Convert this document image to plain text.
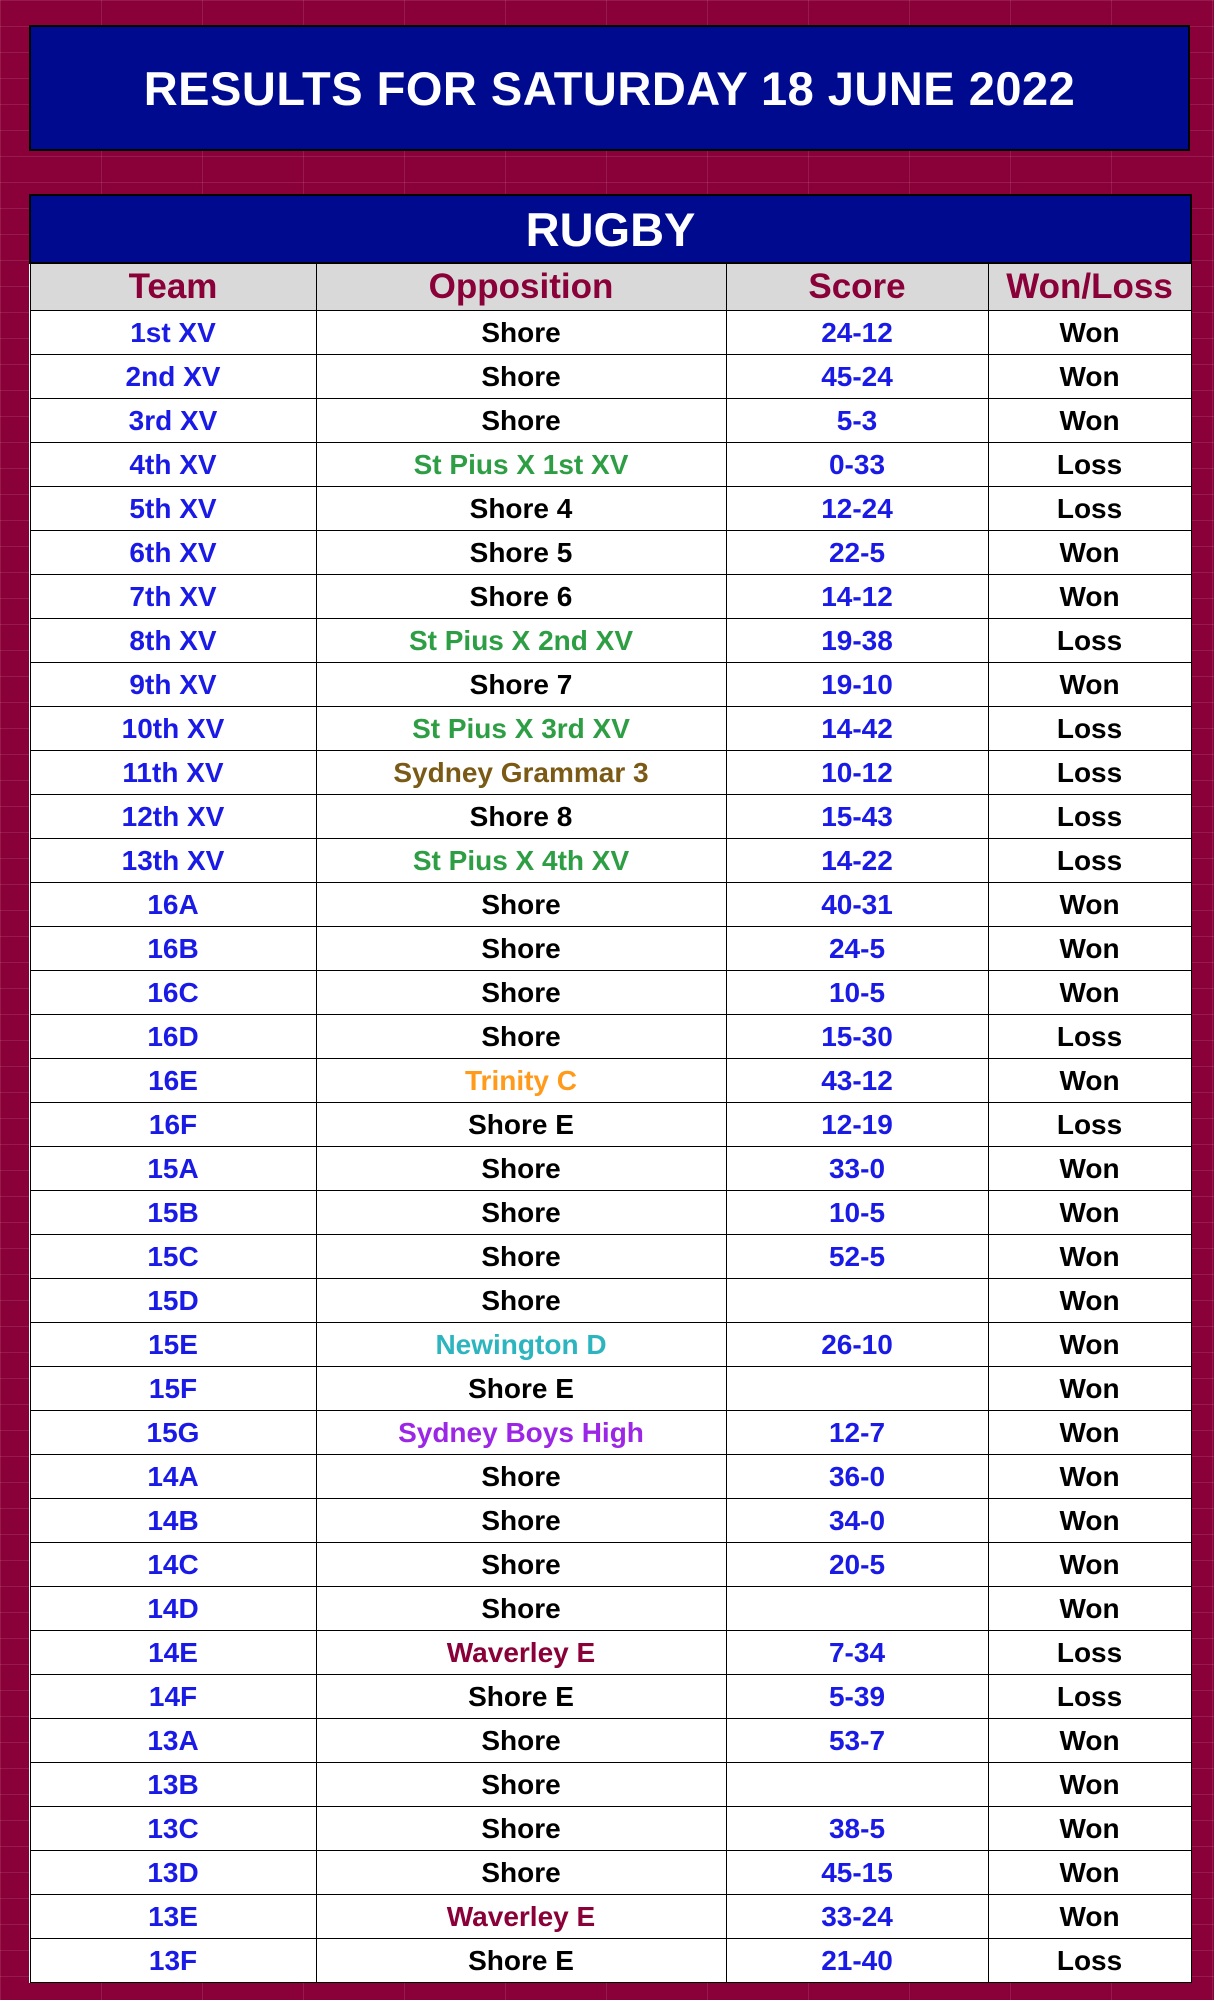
RESULTS FOR SATURDAY 18 JUNE 2022
RUGBY			
Team	Opposition	Score	Won/Loss
1st XV	Shore	24-12	Won
2nd XV	Shore	45-24	Won
3rd XV	Shore	5-3	Won
4th XV	St Pius X 1st XV	0-33	Loss
5th XV	Shore 4	12-24	Loss
6th XV	Shore 5	22-5	Won
7th XV	Shore 6	14-12	Won
8th XV	St Pius X 2nd XV	19-38	Loss
9th XV	Shore 7	19-10	Won
10th XV	St Pius X 3rd XV	14-42	Loss
11th XV	Sydney Grammar 3	10-12	Loss
12th XV	Shore 8	15-43	Loss
13th XV	St Pius X 4th XV	14-22	Loss
16A	Shore	40-31	Won
16B	Shore	24-5	Won
16C	Shore	10-5	Won
16D	Shore	15-30	Loss
16E	Trinity C	43-12	Won
16F	Shore E	12-19	Loss
15A	Shore	33-0	Won
15B	Shore	10-5	Won
15C	Shore	52-5	Won
15D	Shore		Won
15E	Newington D	26-10	Won
15F	Shore E		Won
15G	Sydney Boys High	12-7	Won
14A	Shore	36-0	Won
14B	Shore	34-0	Won
14C	Shore	20-5	Won
14D	Shore		Won
14E	Waverley E	7-34	Loss
14F	Shore E	5-39	Loss
13A	Shore	53-7	Won
13B	Shore		Won
13C	Shore	38-5	Won
13D	Shore	45-15	Won
13E	Waverley E	33-24	Won
13F	Shore E	21-40	Loss
